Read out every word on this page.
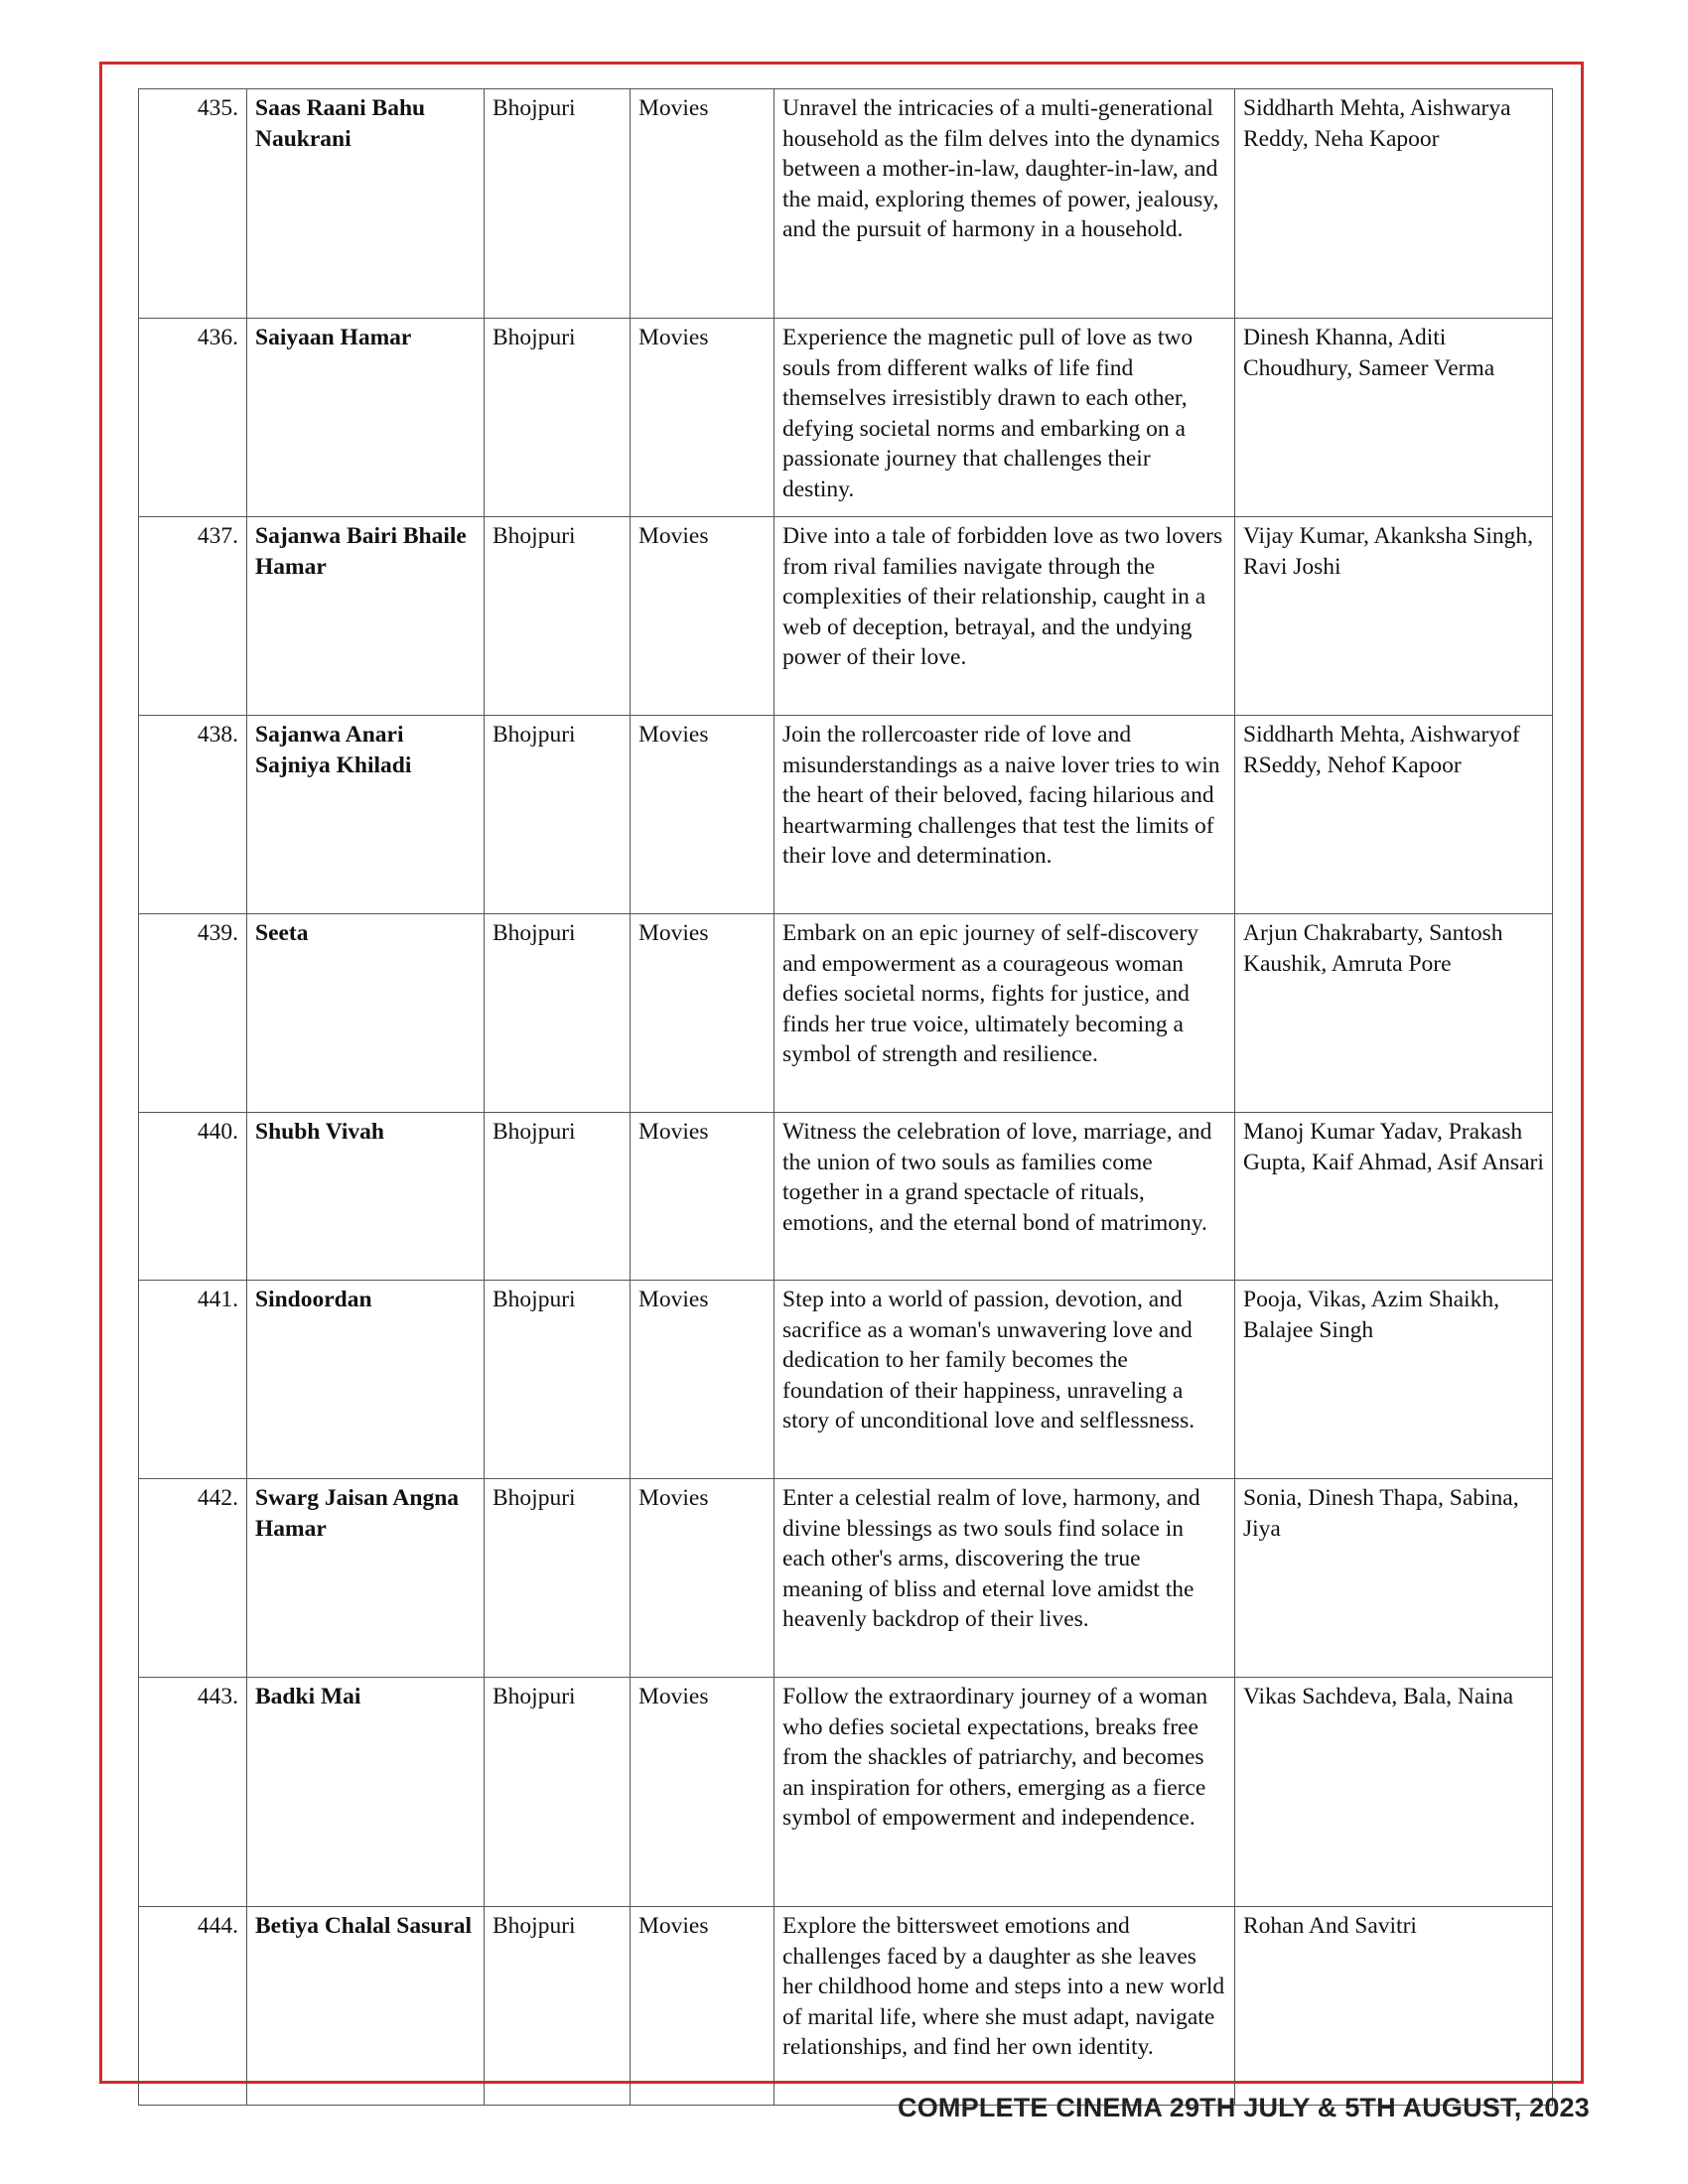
435.	Saas Raani Bahu Naukrani	Bhojpuri	Movies	Unravel the intricacies of a multi-generational household as the film delves into the dynamics between a mother-in-law, daughter-in-law, and the maid, exploring themes of power, jealousy, and the pursuit of harmony in a household.	Siddharth Mehta, Aishwarya Reddy, Neha Kapoor
436.	Saiyaan Hamar	Bhojpuri	Movies	Experience the magnetic pull of love as two souls from different walks of life find themselves irresistibly drawn to each other, defying societal norms and embarking on a passionate journey that challenges their destiny.	Dinesh Khanna, Aditi Choudhury, Sameer Verma
437.	Sajanwa Bairi Bhaile Hamar	Bhojpuri	Movies	Dive into a tale of forbidden love as two lovers from rival families navigate through the complexities of their relationship, caught in a web of deception, betrayal, and the undying power of their love.	Vijay Kumar, Akanksha Singh, Ravi Joshi
438.	Sajanwa Anari Sajniya Khiladi	Bhojpuri	Movies	Join the rollercoaster ride of love and misunderstandings as a naive lover tries to win the heart of their beloved, facing hilarious and heartwarming challenges that test the limits of their love and determination.	Siddharth Mehta, Aishwaryof RSeddy, Nehof Kapoor
439.	Seeta	Bhojpuri	Movies	Embark on an epic journey of self-discovery and empowerment as a courageous woman defies societal norms, fights for justice, and finds her true voice, ultimately becoming a symbol of strength and resilience.	Arjun Chakrabarty, Santosh Kaushik, Amruta Pore
440.	Shubh Vivah	Bhojpuri	Movies	Witness the celebration of love, marriage, and the union of two souls as families come together in a grand spectacle of rituals, emotions, and the eternal bond of matrimony.	Manoj Kumar Yadav, Prakash Gupta, Kaif Ahmad, Asif Ansari
441.	Sindoordan	Bhojpuri	Movies	Step into a world of passion, devotion, and sacrifice as a woman's unwavering love and dedication to her family becomes the foundation of their happiness, unraveling a story of unconditional love and selflessness.	Pooja, Vikas, Azim Shaikh, Balajee Singh
442.	Swarg Jaisan Angna Hamar	Bhojpuri	Movies	Enter a celestial realm of love, harmony, and divine blessings as two souls find solace in each other's arms, discovering the true meaning of bliss and eternal love amidst the heavenly backdrop of their lives.	Sonia, Dinesh Thapa, Sabina, Jiya
443.	Badki Mai	Bhojpuri	Movies	Follow the extraordinary journey of a woman who defies societal expectations, breaks free from the shackles of patriarchy, and becomes an inspiration for others, emerging as a fierce symbol of empowerment and independence.	Vikas Sachdeva, Bala, Naina
444.	Betiya Chalal Sasural	Bhojpuri	Movies	Explore the bittersweet emotions and challenges faced by a daughter as she leaves her childhood home and steps into a new world of marital life, where she must adapt, navigate relationships, and find her own identity.	Rohan And Savitri
COMPLETE CINEMA 29TH JULY & 5TH AUGUST, 2023
